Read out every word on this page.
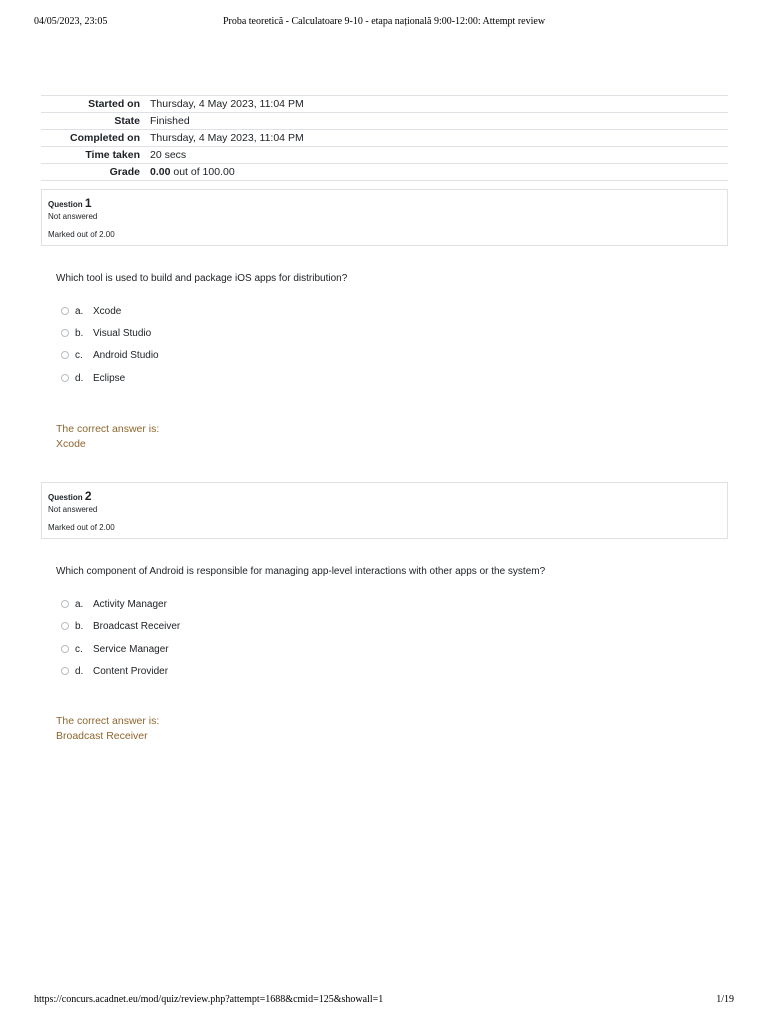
04/05/2023, 23:05	Proba teoretică - Calculatoare 9-10 - etapa națională 9:00-12:00: Attempt review
Started on	Thursday, 4 May 2023, 11:04 PM
State	Finished
Completed on	Thursday, 4 May 2023, 11:04 PM
Time taken	20 secs
Grade	0.00 out of 100.00
Question 1
Not answered
Marked out of 2.00
Which tool is used to build and package iOS apps for distribution?
a. Xcode
b. Visual Studio
c.	Android Studio
d. Eclipse
The correct answer is:
Xcode
Question 2
Not answered
Marked out of 2.00
Which component of Android is responsible for managing app-level interactions with other apps or the system?
a. Activity Manager
b. Broadcast Receiver
c.	Service Manager
d. Content Provider
The correct answer is:
Broadcast Receiver
https://concurs.acadnet.eu/mod/quiz/review.php?attempt=1688&cmid=125&showall=1	1/19
